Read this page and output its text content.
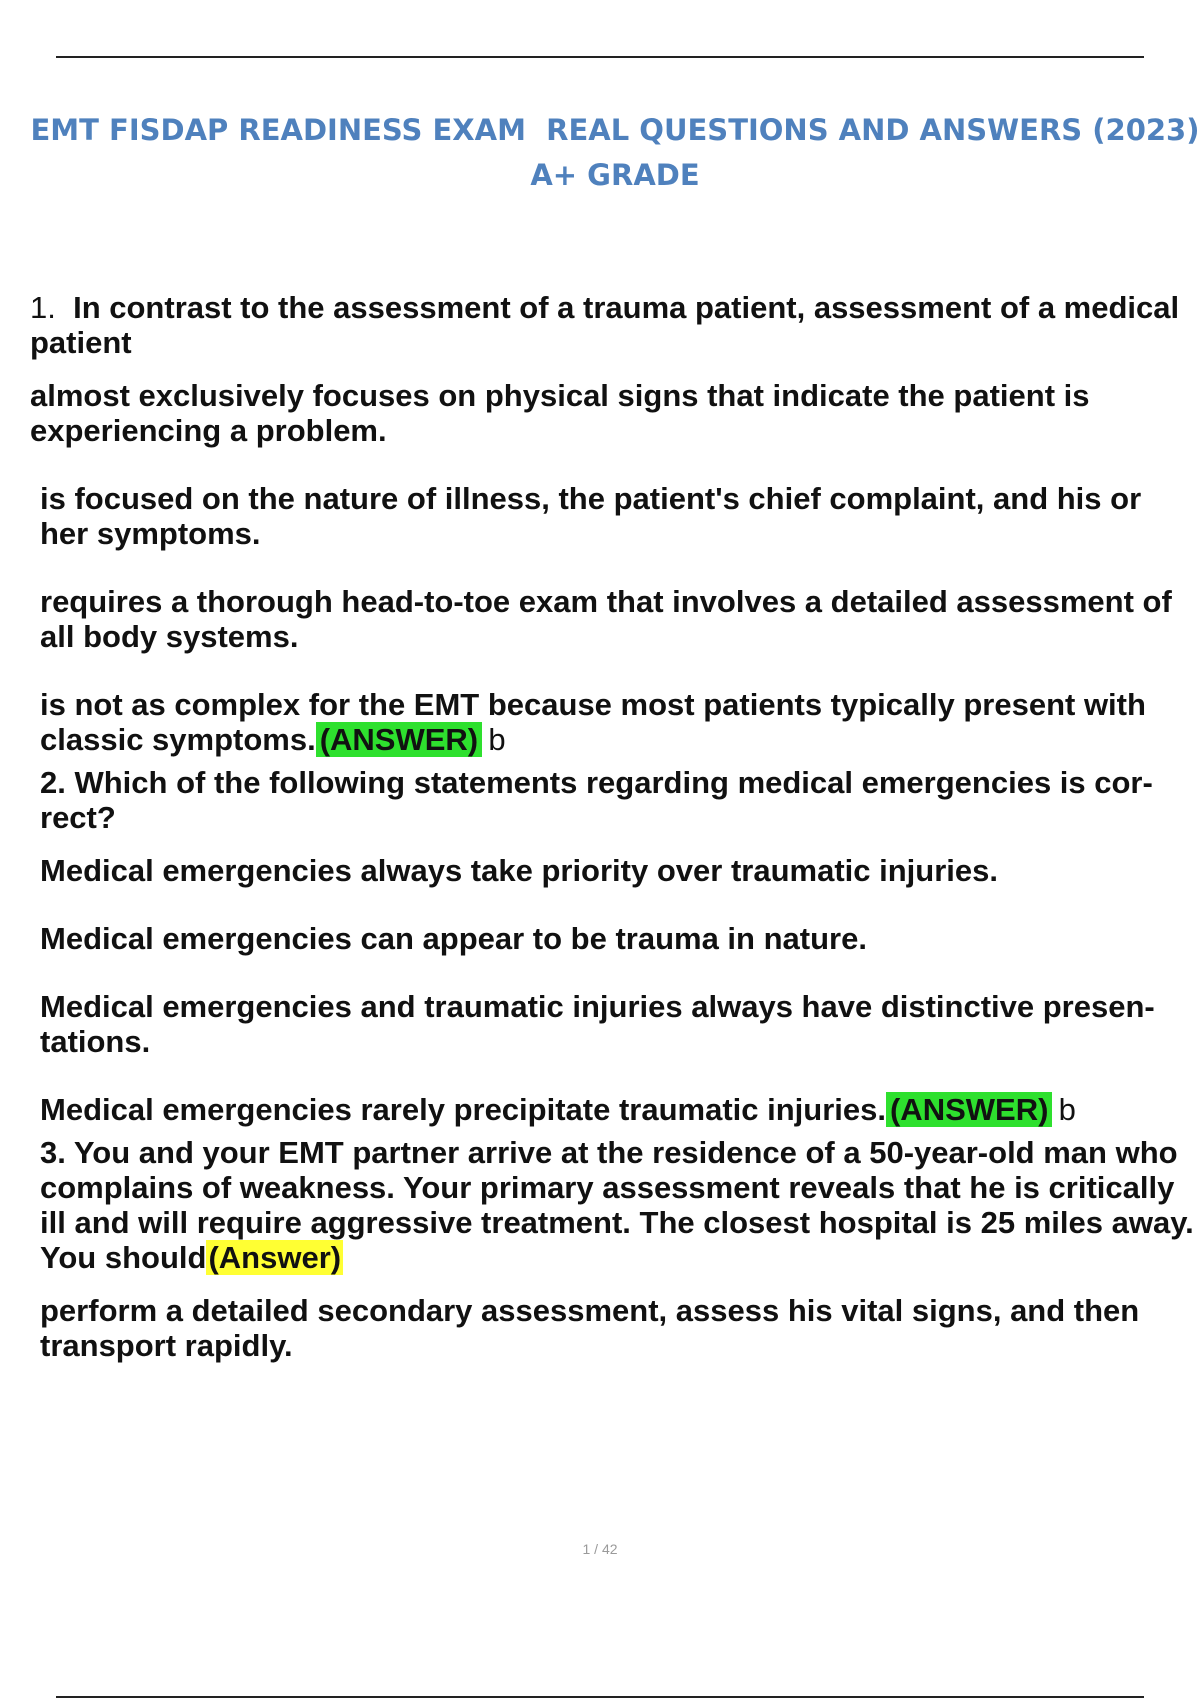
EMT FISDAP READINESS EXAM  REAL QUESTIONS AND ANSWERS (2023)
A+ GRADE

1. In contrast to the assessment of a trauma patient, assessment of a medical patient

almost exclusively focuses on physical signs that indicate the patient is experiencing a problem.

is focused on the nature of illness, the patient's chief complaint, and his or her symptoms.

requires a thorough head-to-toe exam that involves a detailed assessment of all body systems.

is not as complex for the EMT because most patients typically present with classic symptoms. (ANSWER)  b

2. Which of the following statements regarding medical emergencies is cor-rect?

Medical emergencies always take priority over traumatic injuries.

Medical emergencies can appear to be trauma in nature.

Medical emergencies and traumatic injuries always have distinctive presen-tations.

Medical emergencies rarely precipitate traumatic injuries. (ANSWER)  b

3. You and your EMT partner arrive at the residence of a 50-year-old man who complains of weakness. Your primary assessment reveals that he is critically ill and will require aggressive treatment. The closest hospital is 25 miles away. You should(Answer)

perform a detailed secondary assessment, assess his vital signs, and then transport rapidly.

1 / 42
